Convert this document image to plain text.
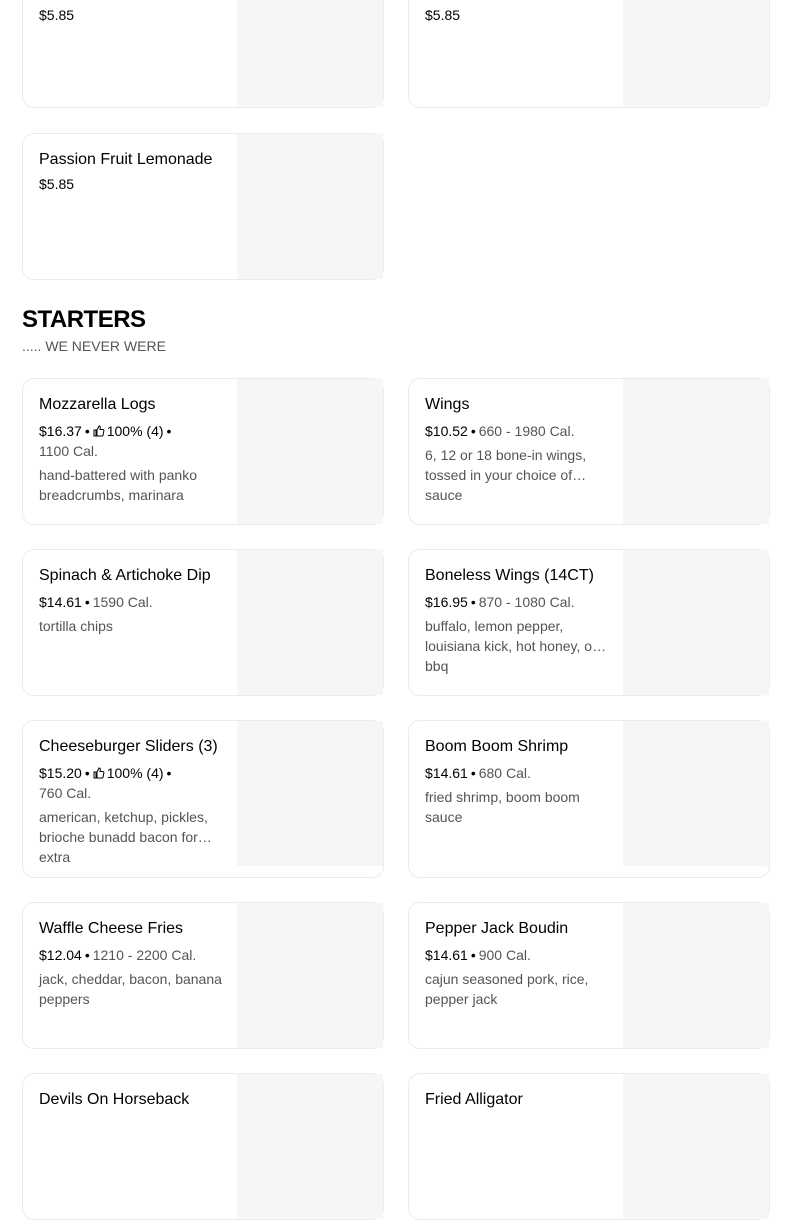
$5.85	$5.85

Passion Fruit Lemonade

$5.85

STARTERS

..... WE NEVER WERE

Mozzarella Logs

$16.37 • 100% (4) •
1100 Cal.

hand-battered with panko breadcrumbs, marinara

Wings

$10.52 • 660 - 1980 Cal.

6, 12 or 18 bone-in wings, tossed in your choice of sauce

Spinach & Artichoke Dip

$14.61 • 1590 Cal.

tortilla chips

Boneless Wings (14CT)

$16.95 • 870 - 1080 Cal.

buffalo, lemon pepper, louisiana kick, hot honey, or bbq

Cheeseburger Sliders (3)

$15.20 • 100% (4) •
760 Cal.

american, ketchup, pickles, brioche bunadd bacon for extra

Boom Boom Shrimp

$14.61 • 680 Cal.

fried shrimp, boom boom sauce

Waffle Cheese Fries

$12.04 • 1210 - 2200 Cal.

jack, cheddar, bacon, banana peppers

Pepper Jack Boudin

$14.61 • 900 Cal.

cajun seasoned pork, rice, pepper jack

Devils On Horseback	Fried Alligator
